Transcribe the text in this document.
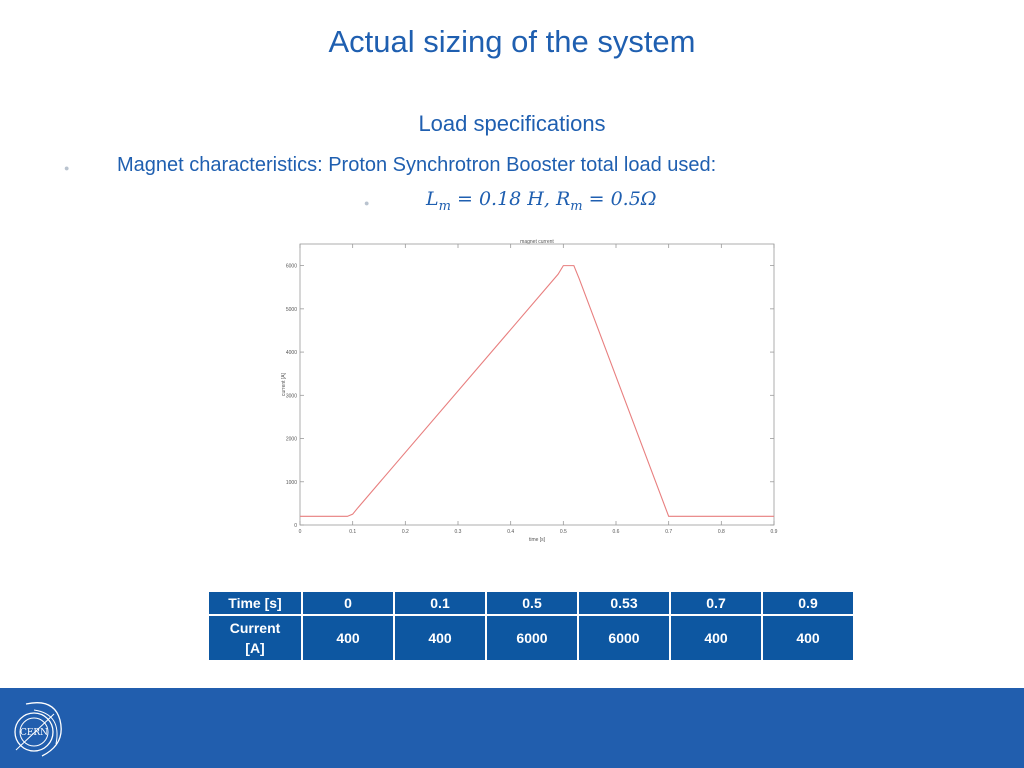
Actual sizing of the system
Load specifications
● Magnet characteristics: Proton Synchrotron Booster total load used:
●	$L_m = 0.18$ H, $R_m = 0.5\Omega$
0	0.1	0.2	0.3	0.4	0.5	0.6	0.7	0.8	0.9
0
1000
2000
3000
4000
5000
6000
magnet current
time [s]
current [A]
Time [s]	0	0.1	0.5	0.53	0.7	0.9
Current [A]	400	400	6000	6000	400	400
CERN
